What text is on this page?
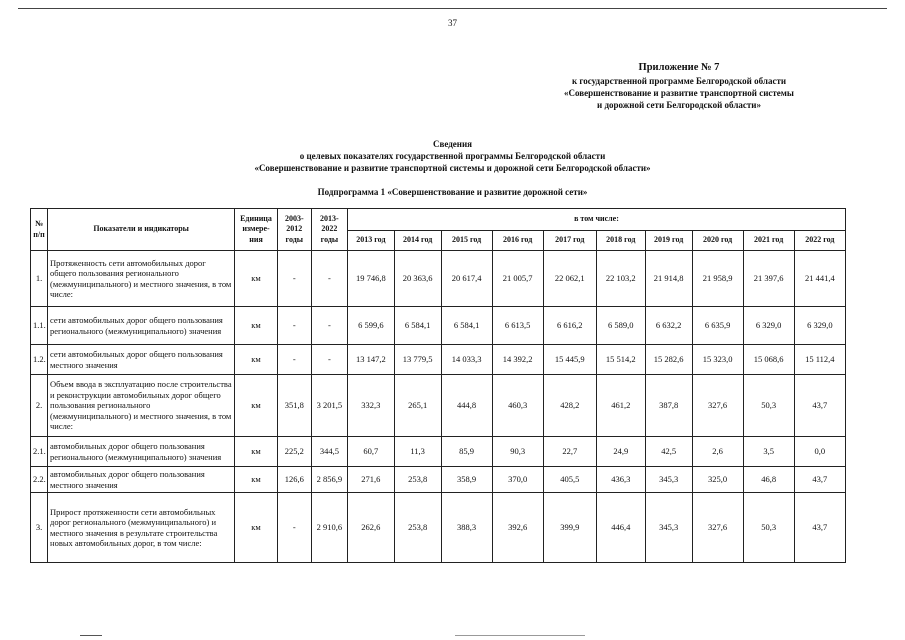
37
Приложение № 7
к государственной программе Белгородской области
«Совершенствование и развитие транспортной системы
и дорожной сети Белгородской области»
Сведения
о целевых показателях государственной программы Белгородской области
«Совершенствование и развитие транспортной системы и дорожной сети Белгородской области»
Подпрограмма 1 «Совершенствование и развитие дорожной сети»
№ п/п	Показатели и индикаторы	Единица измере- ния	2003- 2012 годы	2013- 2022 годы	в том числе:									
					2013 год	2014 год	2015 год	2016 год	2017 год	2018 год	2019 год	2020 год	2021 год	2022 год
1.	Протяженность сети автомобильных дорог общего пользования регионального (межмуниципального) и местного значения, в том числе:	км	-	-	19 746,8	20 363,6	20 617,4	21 005,7	22 062,1	22 103,2	21 914,8	21 958,9	21 397,6	21 441,4
1.1.	сети автомобильных дорог общего пользования регионального (межмуниципального) значения	км	-	-	6 599,6	6 584,1	6 584,1	6 613,5	6 616,2	6 589,0	6 632,2	6 635,9	6 329,0	6 329,0
1.2.	сети автомобильных дорог общего пользования местного значения	км	-	-	13 147,2	13 779,5	14 033,3	14 392,2	15 445,9	15 514,2	15 282,6	15 323,0	15 068,6	15 112,4
2.	Объем ввода в эксплуатацию после строительства и реконструкции автомобильных дорог общего пользования регионального (межмуниципального) и местного значения, в том числе:	км	351,8	3 201,5	332,3	265,1	444,8	460,3	428,2	461,2	387,8	327,6	50,3	43,7
2.1.	автомобильных дорог общего пользования регионального (межмуниципального) значения	км	225,2	344,5	60,7	11,3	85,9	90,3	22,7	24,9	42,5	2,6	3,5	0,0
2.2.	автомобильных дорог общего пользования местного значения	км	126,6	2 856,9	271,6	253,8	358,9	370,0	405,5	436,3	345,3	325,0	46,8	43,7
3.	Прирост протяженности сети автомобильных дорог регионального (межмуниципального) и местного значения в результате строительства новых автомобильных дорог, в том числе:	км	-	2 910,6	262,6	253,8	388,3	392,6	399,9	446,4	345,3	327,6	50,3	43,7
